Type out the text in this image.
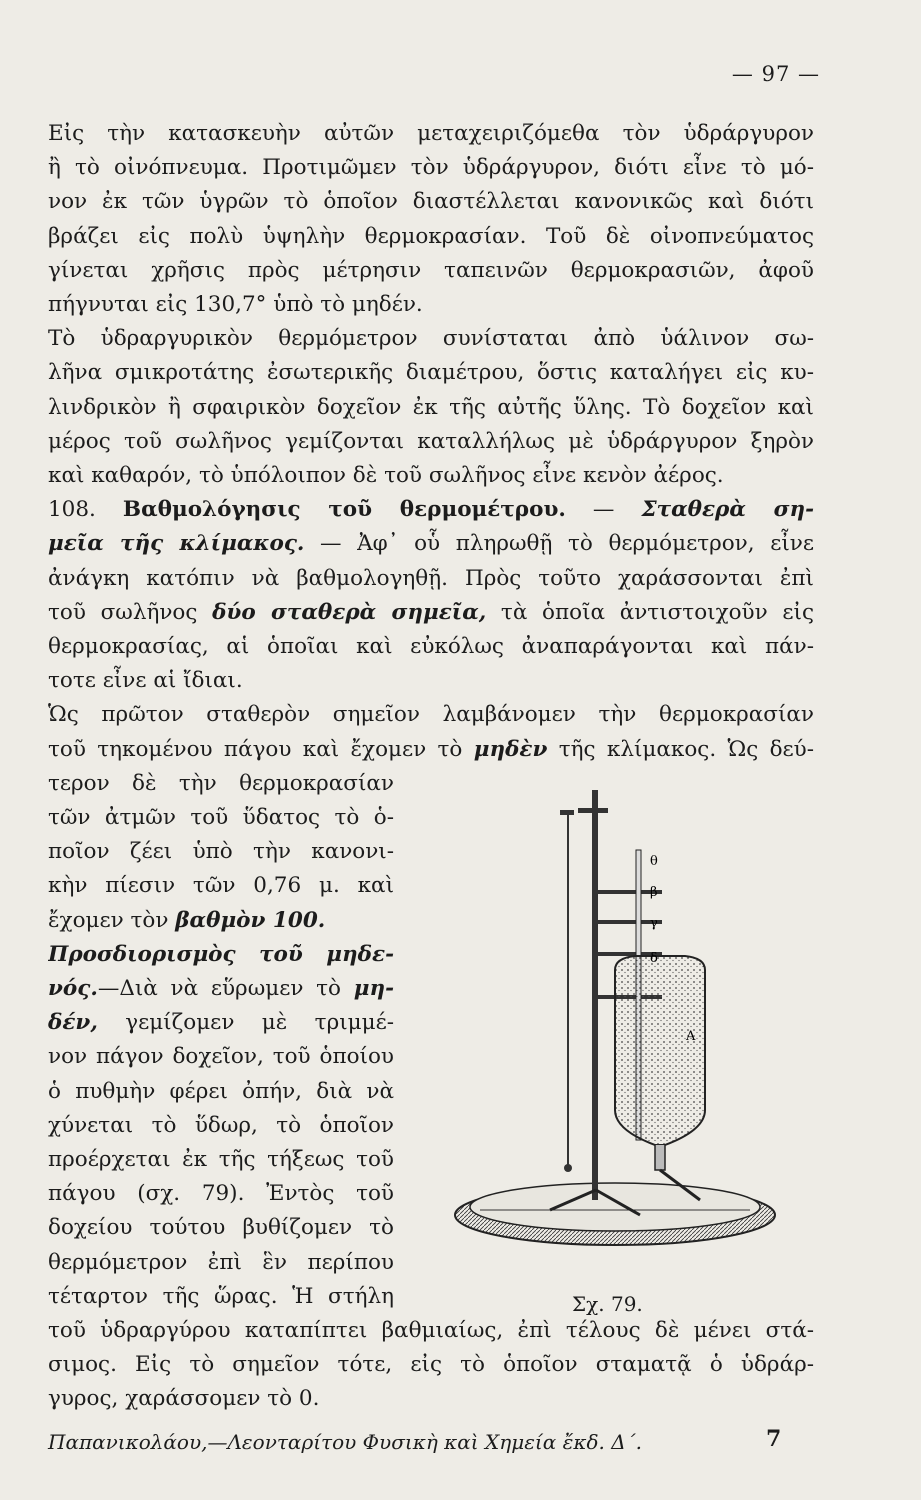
— 97 —
Εἰς τὴν κατασκευὴν αὐτῶν μεταχειριζόμεθα τὸν ὑδράργυρον
ἢ τὸ οἰνόπνευμα. Προτιμῶμεν τὸν ὑδράργυρον, διότι εἶνε τὸ μό-
νον ἐκ τῶν ὑγρῶν τὸ ὁποῖον διαστέλλεται κανονικῶς καὶ διότι
βράζει εἰς πολὺ ὑψηλὴν θερμοκρασίαν. Τοῦ δὲ οἰνοπνεύματος
γίνεται χρῆσις πρὸς μέτρησιν ταπεινῶν θερμοκρασιῶν, ἀφοῦ
πήγνυται εἰς 130,7° ὑπὸ τὸ μηδέν.
Τὸ ὑδραργυρικὸν θερμόμετρον συνίσταται ἀπὸ ὑάλινον σω-
λῆνα σμικροτάτης ἐσωτερικῆς διαμέτρου, ὅστις καταλήγει εἰς κυ-
λινδρικὸν ἢ σφαιρικὸν δοχεῖον ἐκ τῆς αὐτῆς ὕλης. Τὸ δοχεῖον καὶ
μέρος τοῦ σωλῆνος γεμίζονται καταλλήλως μὲ ὑδράργυρον ξηρὸν
καὶ καθαρόν, τὸ ὑπόλοιπον δὲ τοῦ σωλῆνος εἶνε κενὸν ἀέρος.
108. Βαθμολόγησις τοῦ θερμομέτρου. — Σταθερὰ ση-
μεῖα τῆς κλίμακος. — Ἀφ᾿ οὗ πληρωθῇ τὸ θερμόμετρον, εἶνε
ἀνάγκη κατόπιν νὰ βαθμολογηθῇ. Πρὸς τοῦτο χαράσσονται ἐπὶ
τοῦ σωλῆνος δύο σταθερὰ σημεῖα, τὰ ὁποῖα ἀντιστοιχοῦν εἰς
θερμοκρασίας, αἱ ὁποῖαι καὶ εὐκόλως ἀναπαράγονται καὶ πάν-
τοτε εἶνε αἱ ἴδιαι.
Ὡς πρῶτον σταθερὸν σημεῖον λαμβάνομεν τὴν θερμοκρασίαν
τοῦ τηκομένου πάγου καὶ ἔχομεν τὸ μηδὲν τῆς κλίμακος. Ὡς δεύ-
τερον δὲ τὴν θερμοκρασίαν
τῶν ἀτμῶν τοῦ ὕδατος τὸ ὁ-
ποῖον ζέει ὑπὸ τὴν κανονι-
κὴν πίεσιν τῶν 0,76 μ. καὶ
ἔχομεν τὸν βαθμὸν 100.
Προσδιορισμὸς τοῦ μηδε-
νός.—Διὰ νὰ εὕρωμεν τὸ μη-
δέν, γεμίζομεν μὲ τριμμέ-
νον πάγον δοχεῖον, τοῦ ὁποίου
ὁ πυθμὴν φέρει ὀπήν, διὰ νὰ
χύνεται τὸ ὕδωρ, τὸ ὁποῖον
προέρχεται ἐκ τῆς τήξεως τοῦ
πάγου (σχ. 79). Ἐντὸς τοῦ
δοχείου τούτου βυθίζομεν τὸ
θερμόμετρον ἐπὶ ἓν περίπου
τέταρτον τῆς ὥρας. Ἡ στήλη
τοῦ ὑδραργύρου καταπίπτει βαθμιαίως, ἐπὶ τέλους δὲ μένει στά-
σιμος. Εἰς τὸ σημεῖον τότε, εἰς τὸ ὁποῖον σταματᾷ ὁ ὑδράρ-
γυρος, χαράσσομεν τὸ 0.
θ
β
γ
δ
Α
Σχ. 79.
Παπανικολάου,—Λεονταρίτου Φυσικὴ καὶ Χημεία ἔκδ. Δ΄.	7
